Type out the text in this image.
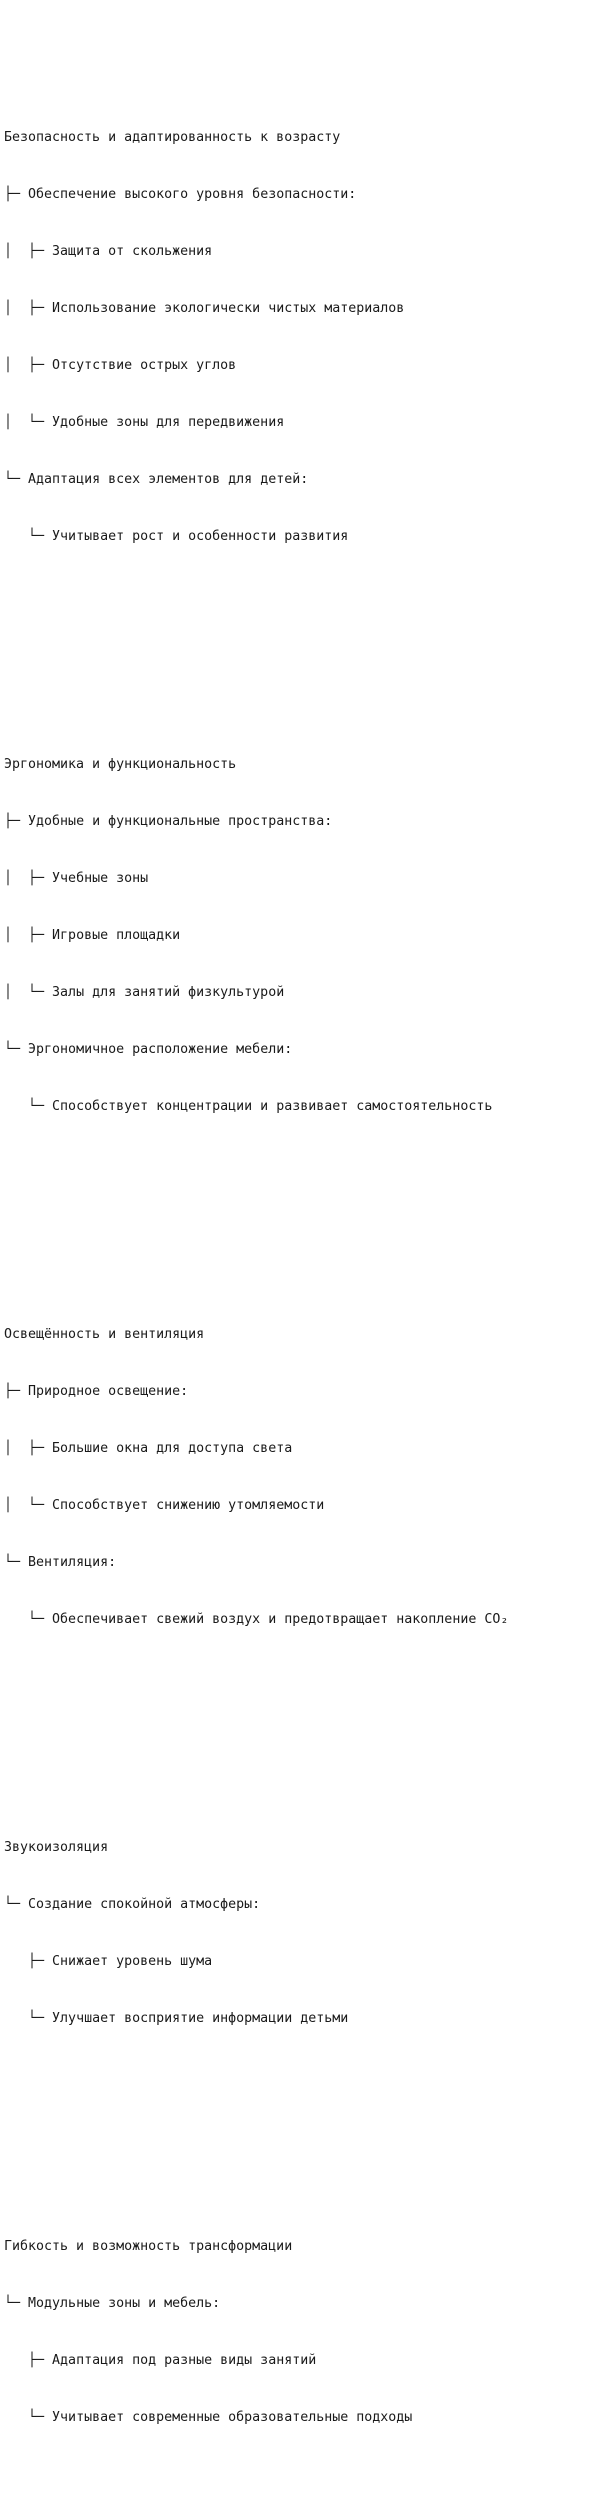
Безопасность и адаптированность к возрасту

├─ Обеспечение высокого уровня безопасности:

│  ├─ Защита от скольжения

│  ├─ Использование экологически чистых материалов

│  ├─ Отсутствие острых углов

│  └─ Удобные зоны для передвижения

└─ Адаптация всех элементов для детей:

└─ Учитывает рост и особенности развития

Эргономика и функциональность

├─ Удобные и функциональные пространства:

│  ├─ Учебные зоны

│  ├─ Игровые площадки

│  └─ Залы для занятий физкультурой

└─ Эргономичное расположение мебели:

└─ Способствует концентрации и развивает самостоятельность

Освещённость и вентиляция

├─ Природное освещение:

│  ├─ Большие окна для доступа света

│  └─ Способствует снижению утомляемости

└─ Вентиляция:

└─ Обеспечивает свежий воздух и предотвращает накопление CO₂

Звукоизоляция

└─ Создание спокойной атмосферы:

├─ Снижает уровень шума

└─ Улучшает восприятие информации детьми

Гибкость и возможность трансформации

└─ Модульные зоны и мебель:

├─ Адаптация под разные виды занятий

└─ Учитывает современные образовательные подходы
